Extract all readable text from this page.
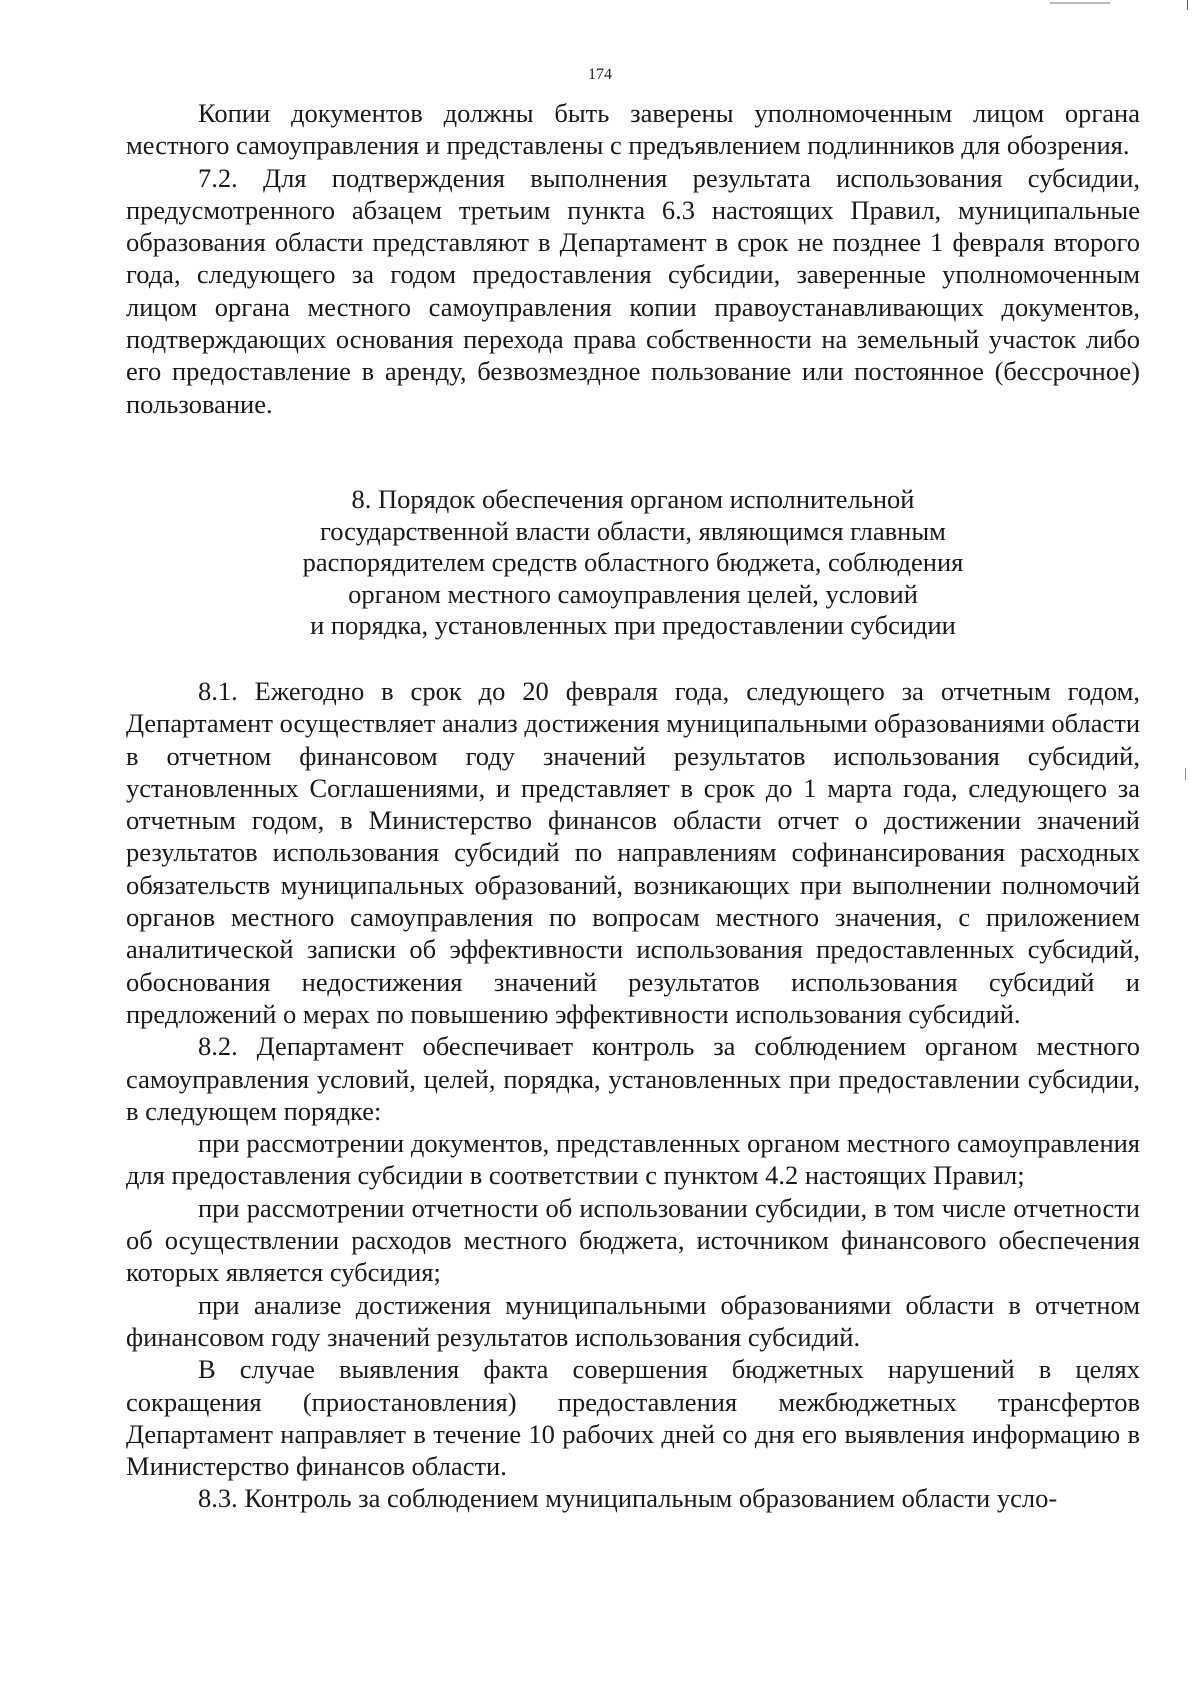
174

Копии документов должны быть заверены уполномоченным лицом органа местного самоуправления и представлены с предъявлением подлинников для обозрения.

7.2. Для подтверждения выполнения результата использования субсидии, предусмотренного абзацем третьим пункта 6.3 настоящих Правил, муниципальные образования области представляют в Департамент в срок не позднее 1 февраля второго года, следующего за годом предоставления субсидии, заверенные уполномоченным лицом органа местного самоуправления копии правоустанавливающих документов, подтверждающих основания перехода права собственности на земельный участок либо его предоставление в аренду, безвозмездное пользование или постоянное (бессрочное) пользование.

8. Порядок обеспечения органом исполнительной
государственной власти области, являющимся главным
распорядителем средств областного бюджета, соблюдения
органом местного самоуправления целей, условий
и порядка, установленных при предоставлении субсидии

8.1. Ежегодно в срок до 20 февраля года, следующего за отчетным годом, Департамент осуществляет анализ достижения муниципальными образованиями области в отчетном финансовом году значений результатов использования субсидий, установленных Соглашениями, и представляет в срок до 1 марта года, следующего за отчетным годом, в Министерство финансов области отчет о достижении значений результатов использования субсидий по направлениям софинансирования расходных обязательств муниципальных образований, возникающих при выполнении полномочий органов местного самоуправления по вопросам местного значения, с приложением аналитической записки об эффективности использования предоставленных субсидий, обоснования недостижения значений результатов использования субсидий и предложений о мерах по повышению эффективности использования субсидий.

8.2. Департамент обеспечивает контроль за соблюдением органом местного самоуправления условий, целей, порядка, установленных при предоставлении субсидии, в следующем порядке:

при рассмотрении документов, представленных органом местного самоуправления для предоставления субсидии в соответствии с пунктом 4.2 настоящих Правил;

при рассмотрении отчетности об использовании субсидии, в том числе отчетности об осуществлении расходов местного бюджета, источником финансового обеспечения которых является субсидия;

при анализе достижения муниципальными образованиями области в отчетном финансовом году значений результатов использования субсидий.

В случае выявления факта совершения бюджетных нарушений в целях сокращения (приостановления) предоставления межбюджетных трансфертов Департамент направляет в течение 10 рабочих дней со дня его выявления информацию в Министерство финансов области.

8.3. Контроль за соблюдением муниципальным образованием области усло-
